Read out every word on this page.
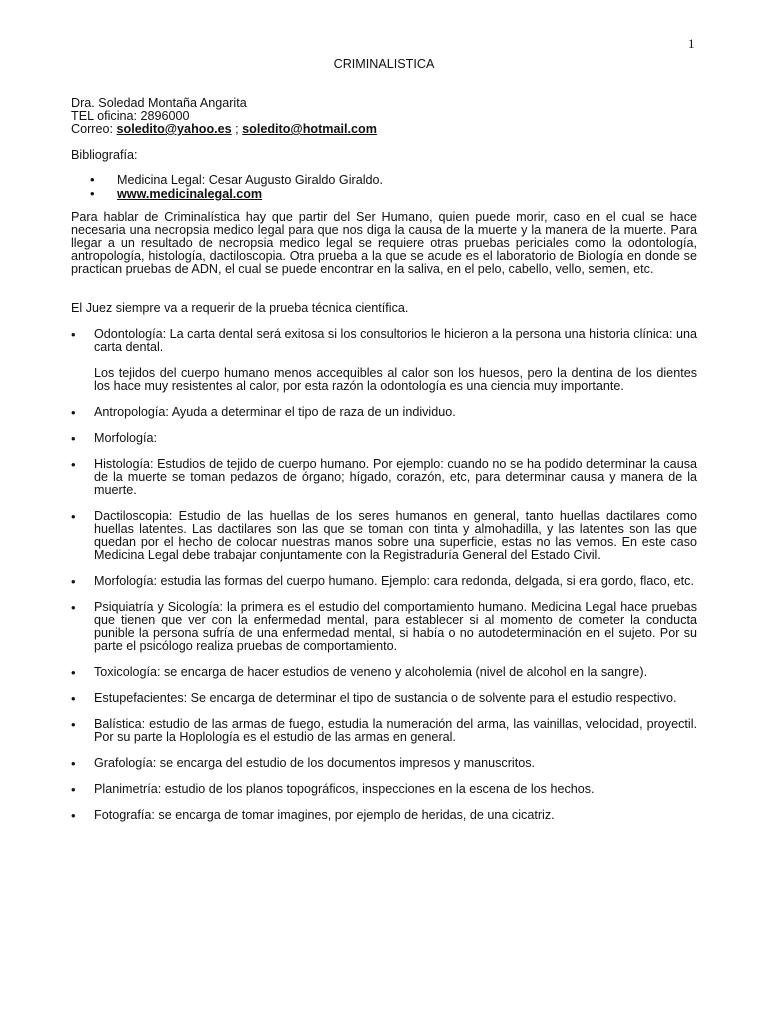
1
CRIMINALISTICA
Dra. Soledad Montaña Angarita
TEL oficina: 2896000
Correo: soledito@yahoo.es ; soledito@hotmail.com
Bibliografía:
• Medicina Legal: Cesar Augusto Giraldo Giraldo.
• www.medicinalegal.com
Para hablar de Criminalística hay que partir del Ser Humano, quien puede morir, caso en el cual se hace necesaria una necropsia medico legal para que nos diga la causa de la muerte y la manera de la muerte. Para llegar a un resultado de necropsia medico legal se requiere otras pruebas periciales como la odontología, antropología, histología, dactiloscopia. Otra prueba a la que se acude es el laboratorio de Biología en donde se practican pruebas de ADN, el cual se puede encontrar en la saliva, en el pelo, cabello, vello, semen, etc.
El Juez siempre va a requerir de la prueba técnica científica.
• Odontología: La carta dental será exitosa si los consultorios le hicieron a la persona una historia clínica: una carta dental.

Los tejidos del cuerpo humano menos accequibles al calor son los huesos, pero la dentina de los dientes los hace muy resistentes al calor, por esta razón la odontología es una ciencia muy importante.

• Antropología: Ayuda a determinar el tipo de raza de un individuo.

• Morfología:

• Histología: Estudios de tejido de cuerpo humano. Por ejemplo: cuando no se ha podido determinar la causa de la muerte se toman pedazos de órgano; hígado, corazón, etc, para determinar causa y manera de la muerte.

• Dactiloscopia: Estudio de las huellas de los seres humanos en general, tanto huellas dactilares como huellas latentes. Las dactilares son las que se toman con tinta y almohadilla, y las latentes son las que quedan por el hecho de colocar nuestras manos sobre una superficie, estas no las vemos. En este caso Medicina Legal debe trabajar conjuntamente con la Registraduría General del Estado Civil.

• Morfología: estudia las formas del cuerpo humano. Ejemplo: cara redonda, delgada, si era gordo, flaco, etc.

• Psiquiatría y Sicología: la primera es el estudio del comportamiento humano. Medicina Legal hace pruebas que tienen que ver con la enfermedad mental, para establecer si al momento de cometer la conducta punible la persona sufría de una enfermedad mental, si había o no autodeterminación en el sujeto. Por su parte el psicólogo realiza pruebas de comportamiento.

• Toxicología: se encarga de hacer estudios de veneno y alcoholemia (nivel de alcohol en la sangre).

• Estupefacientes: Se encarga de determinar el tipo de sustancia o de solvente para el estudio respectivo.

• Balística: estudio de las armas de fuego, estudia la numeración del arma, las vainillas, velocidad, proyectil. Por su parte la Hoplología es el estudio de las armas en general.

• Grafología: se encarga del estudio de los documentos impresos y manuscritos.

• Planimetría: estudio de los planos topográficos, inspecciones en la escena de los hechos.

• Fotografía: se encarga de tomar imagines, por ejemplo de heridas, de una cicatriz.
